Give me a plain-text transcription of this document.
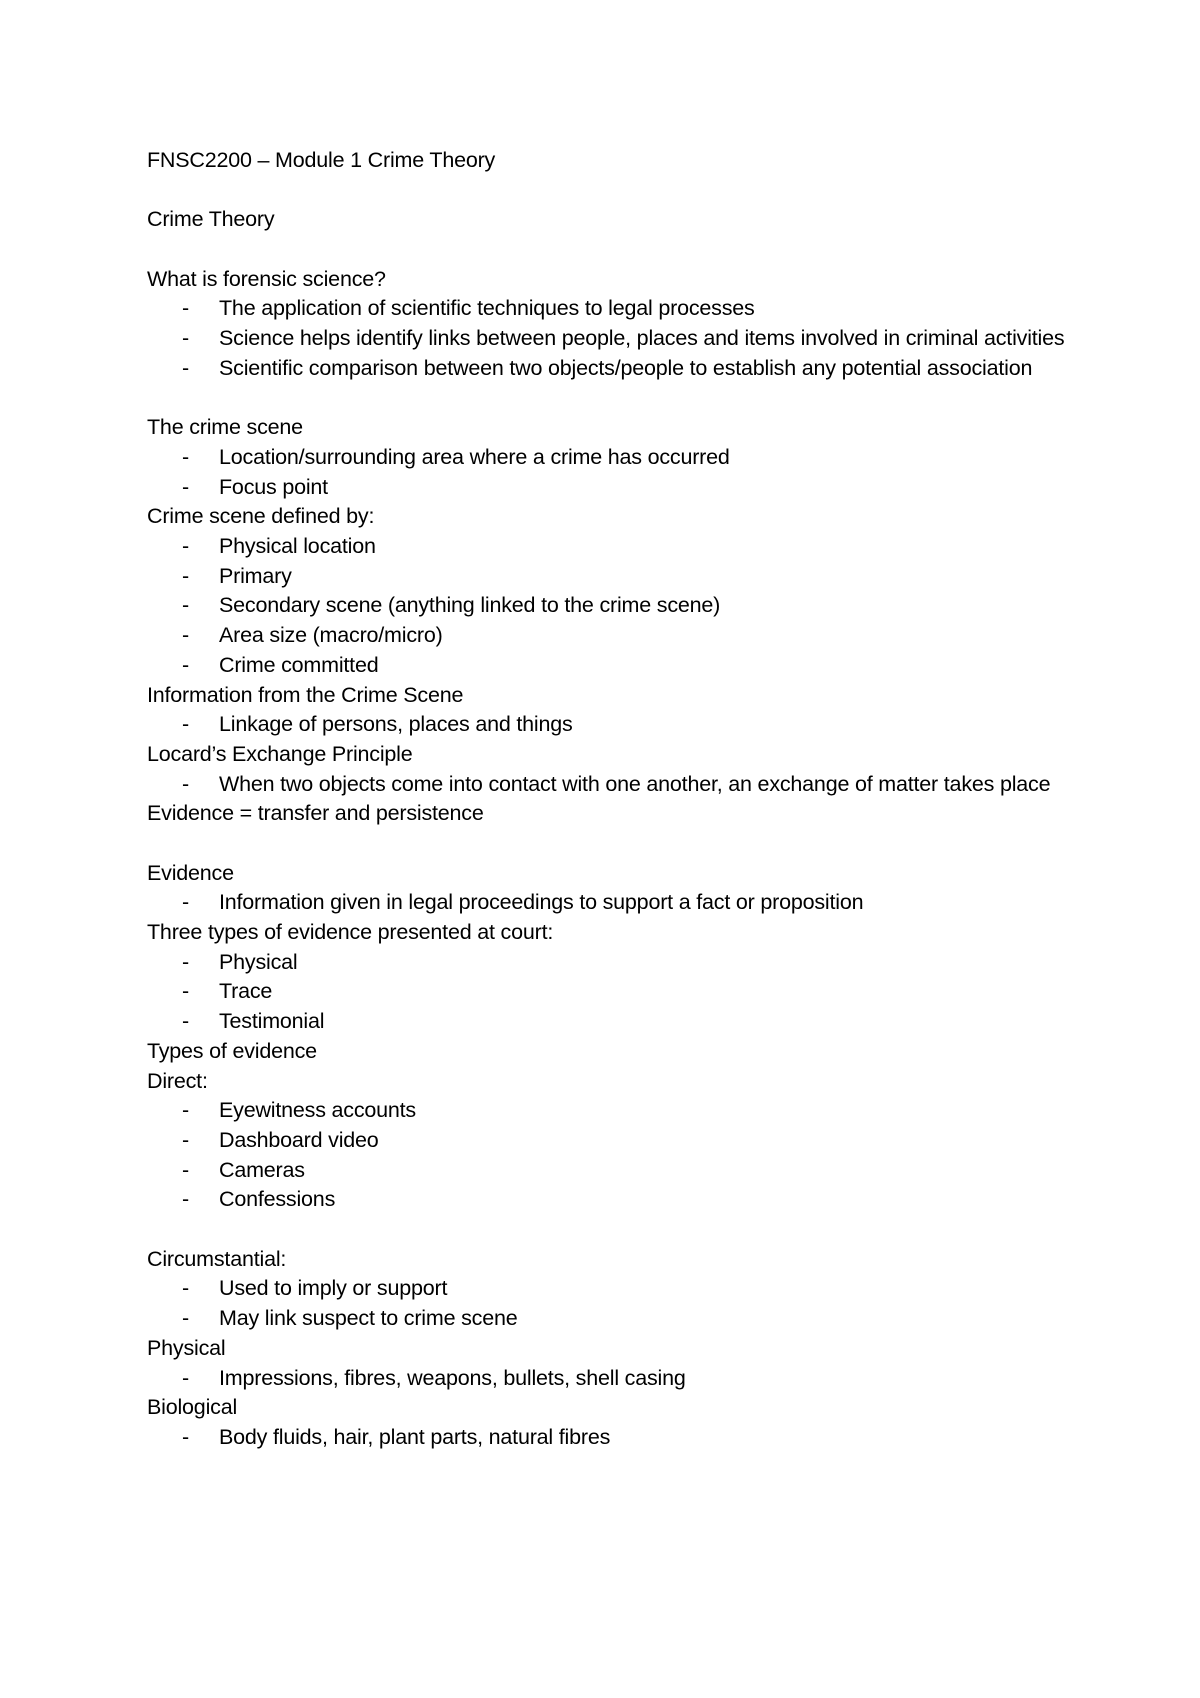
FNSC2200 – Module 1 Crime Theory
Crime Theory
What is forensic science?
- The application of scientific techniques to legal processes
- Science helps identify links between people, places and items involved in criminal activities
- Scientific comparison between two objects/people to establish any potential association
The crime scene
- Location/surrounding area where a crime has occurred
- Focus point
Crime scene defined by:
- Physical location
- Primary
- Secondary scene (anything linked to the crime scene)
- Area size (macro/micro)
- Crime committed
Information from the Crime Scene
- Linkage of persons, places and things
Locard’s Exchange Principle
- When two objects come into contact with one another, an exchange of matter takes place
Evidence = transfer and persistence
Evidence
- Information given in legal proceedings to support a fact or proposition
Three types of evidence presented at court:
- Physical
- Trace
- Testimonial
Types of evidence
Direct:
- Eyewitness accounts
- Dashboard video
- Cameras
- Confessions
Circumstantial:
- Used to imply or support
- May link suspect to crime scene
Physical
- Impressions, fibres, weapons, bullets, shell casing
Biological
- Body fluids, hair, plant parts, natural fibres
